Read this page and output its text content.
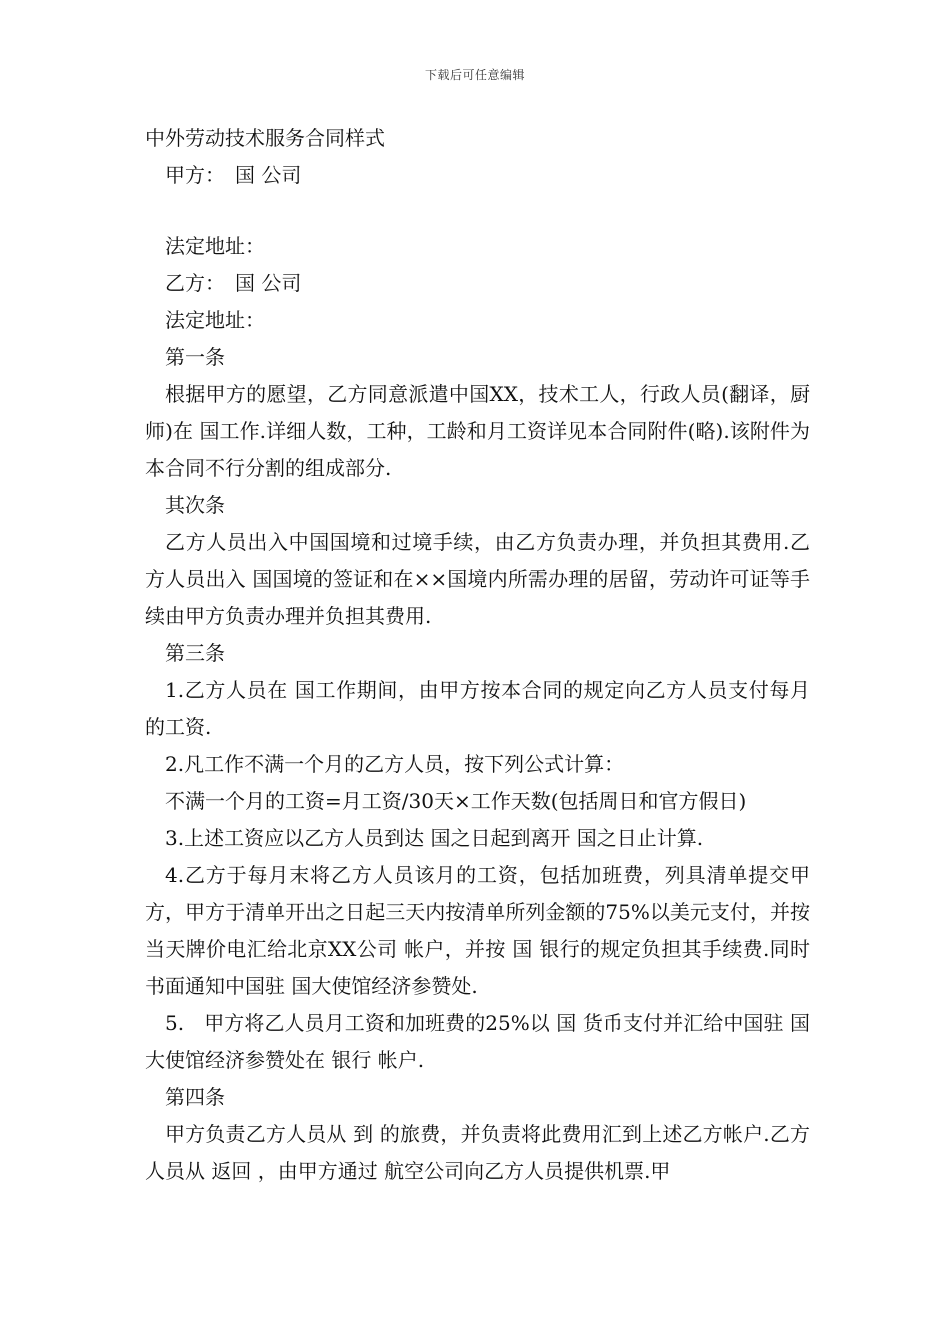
下载后可任意编辑
中外劳动技术服务合同样式
甲方： 国 公司
法定地址：
乙方： 国 公司
法定地址：
第一条
根据甲方的愿望，乙方同意派遣中国XX，技术工人，行政人员(翻译，厨师)在 国工作.详细人数，工种，工龄和月工资详见本合同附件(略).该附件为本合同不行分割的组成部分.
其次条
乙方人员出入中国国境和过境手续，由乙方负责办理，并负担其费用.乙方人员出入 国国境的签证和在××国境内所需办理的居留，劳动许可证等手续由甲方负责办理并负担其费用.
第三条
1.乙方人员在 国工作期间，由甲方按本合同的规定向乙方人员支付每月的工资.
2.凡工作不满一个月的乙方人员，按下列公式计算：
不满一个月的工资=月工资/30天×工作天数(包括周日和官方假日)
3.上述工资应以乙方人员到达 国之日起到离开 国之日止计算.
4.乙方于每月末将乙方人员该月的工资，包括加班费，列具清单提交甲方，甲方于清单开出之日起三天内按清单所列金额的75%以美元支付，并按当天牌价电汇给北京XX公司 帐户，并按 国 银行的规定负担其手续费.同时书面通知中国驻 国大使馆经济参赞处.
5.　甲方将乙人员月工资和加班费的25%以 国 货币支付并汇给中国驻 国大使馆经济参赞处在 银行 帐户.
第四条
甲方负责乙方人员从 到 的旅费，并负责将此费用汇到上述乙方帐户.乙方人员从 返回 ，由甲方通过 航空公司向乙方人员提供机票.甲
